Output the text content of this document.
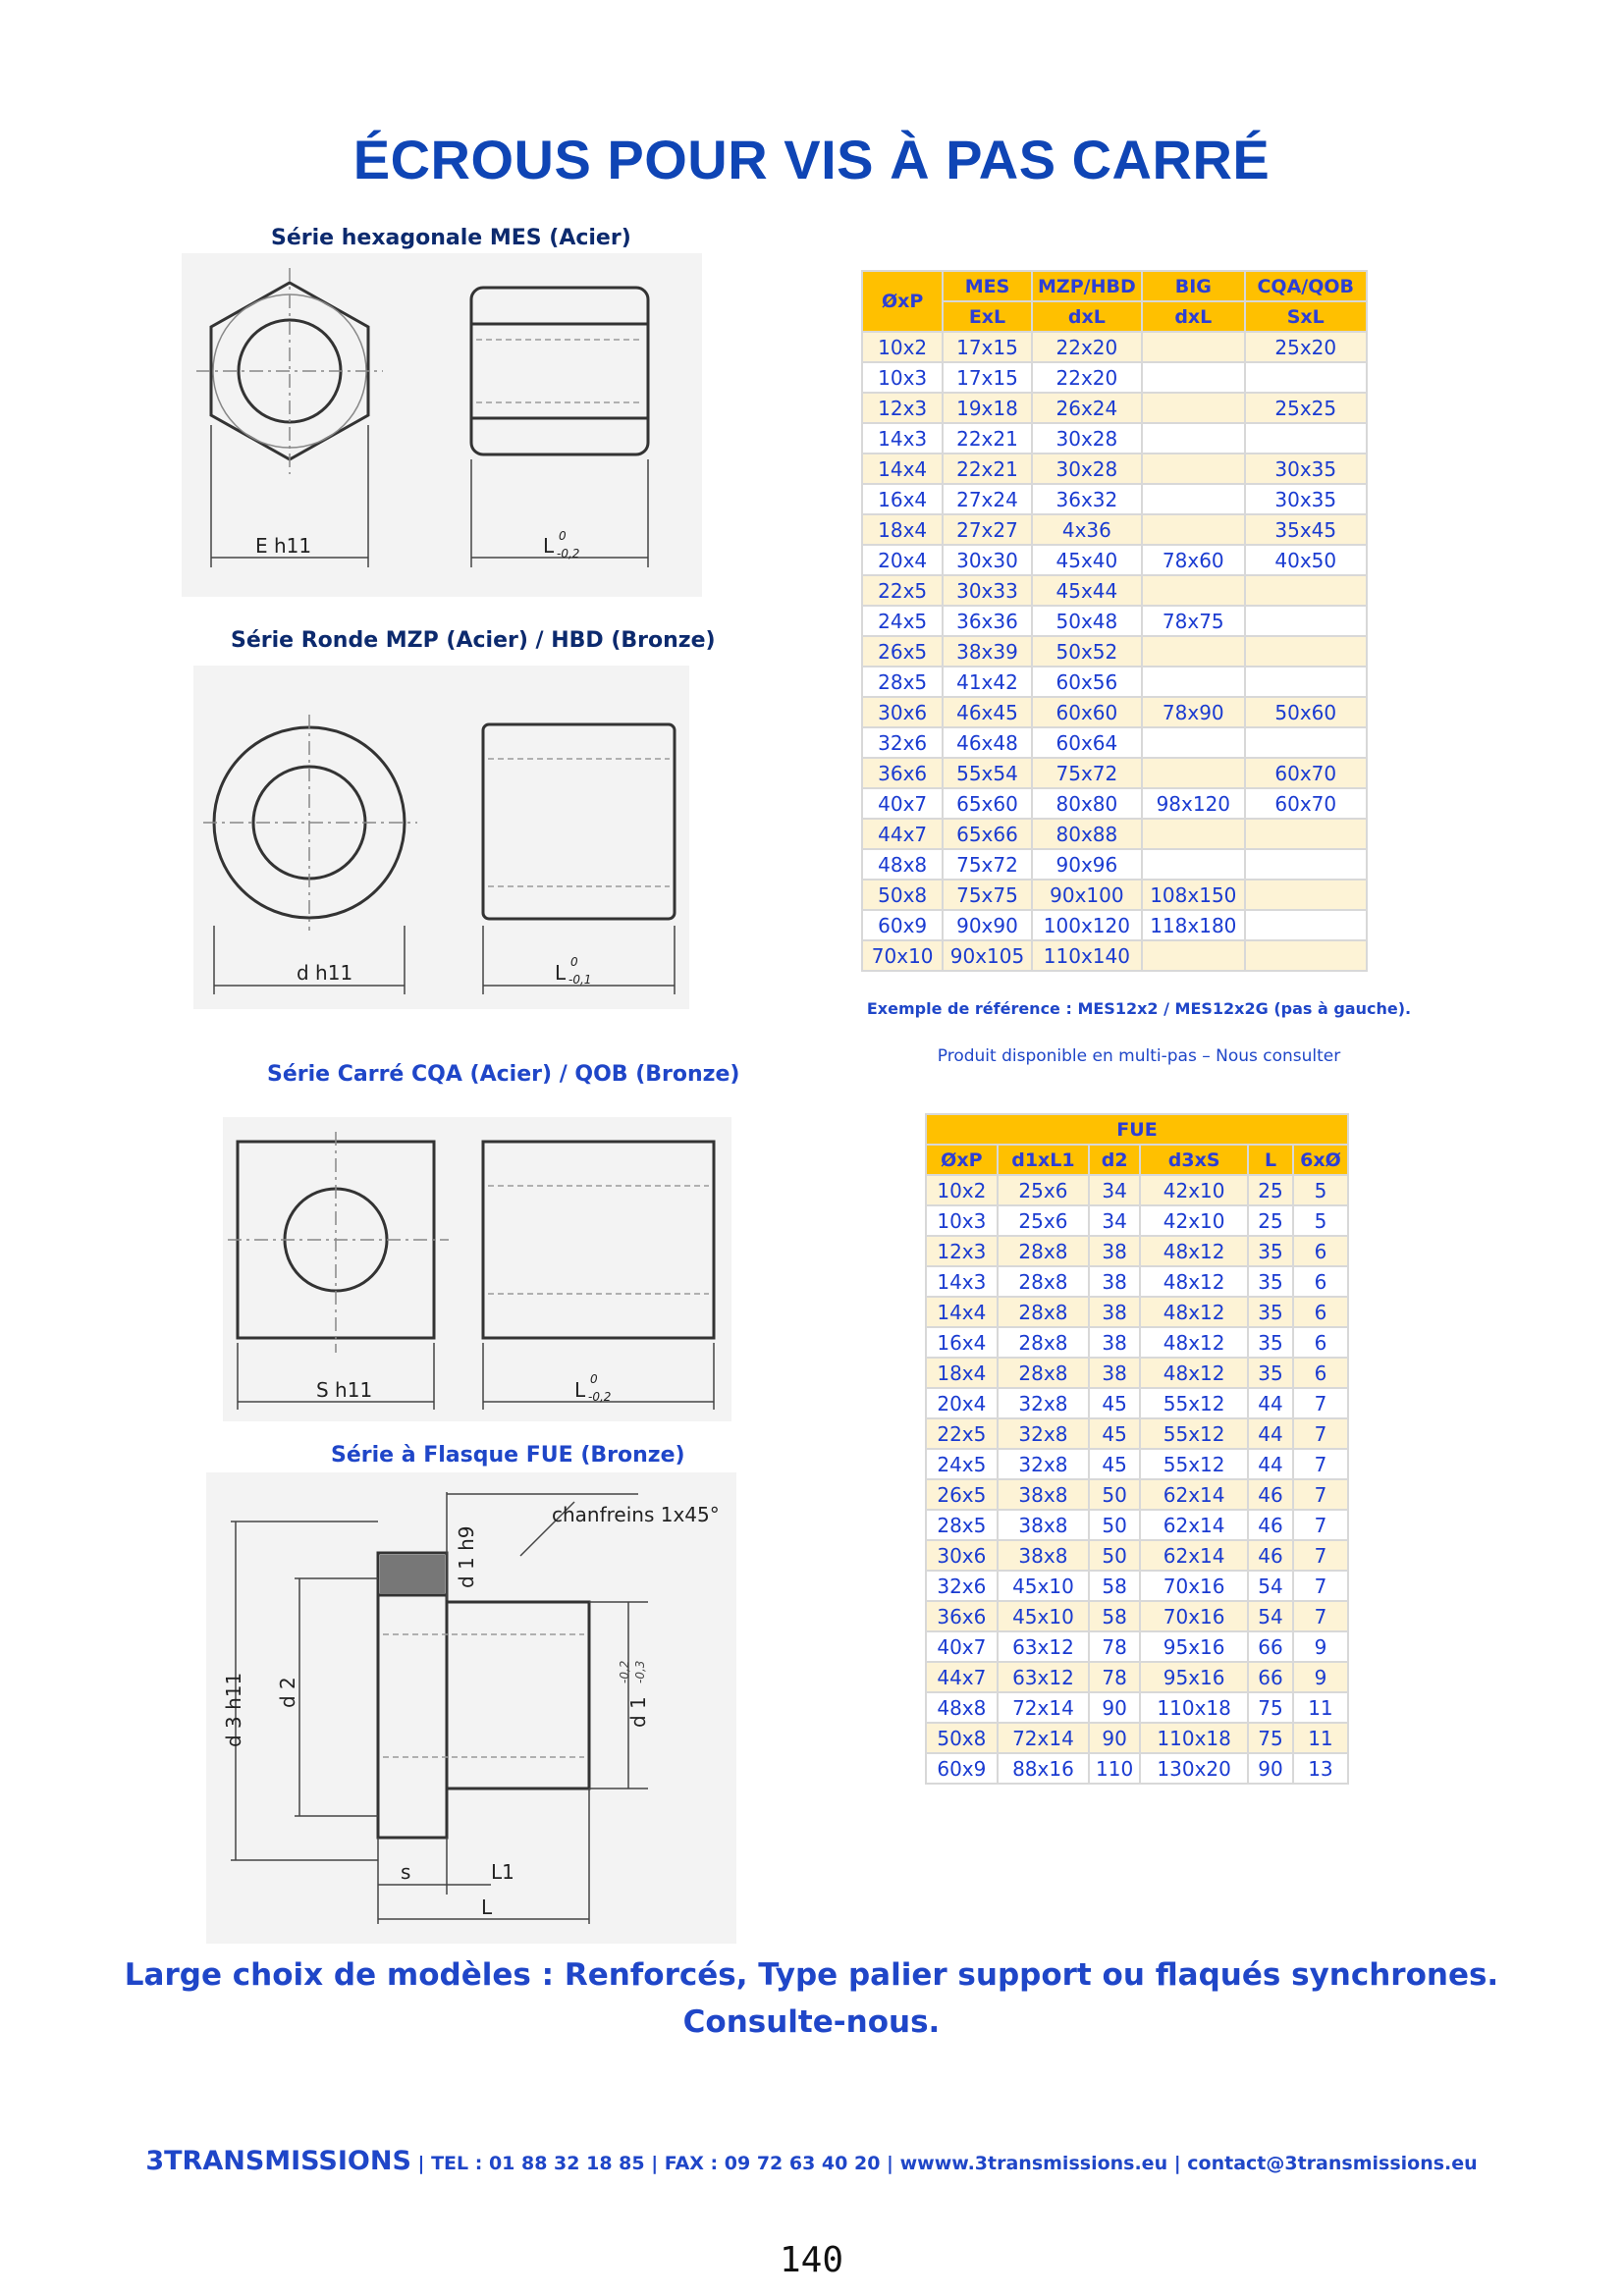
ÉCROUS POUR VIS À PAS CARRÉ
Série hexagonale MES (Acier)
Série Ronde MZP (Acier) / HBD (Bronze)
Série Carré CQA (Acier) / QOB (Bronze)
Série à Flasque FUE (Bronze)
E h11	L 0
-0,2
d h11	L 0
-0,1
S h11	L 0
-0,2
chanfreins 1x45°
d 1 h9
d 3 h11 d 2
d 1
-0,2 -0,3
s	L1
L
ØxP	MES	MZP/HBD	BIG	CQA/QOB
	ExL	dxL	dxL	SxL
10x2	17x15	22x20		25x20
10x3	17x15	22x20		
12x3	19x18	26x24		25x25
14x3	22x21	30x28		
14x4	22x21	30x28		30x35
16x4	27x24	36x32		30x35
18x4	27x27	4x36		35x45
20x4	30x30	45x40	78x60	40x50
22x5	30x33	45x44		
24x5	36x36	50x48	78x75	
26x5	38x39	50x52		
28x5	41x42	60x56		
30x6	46x45	60x60	78x90	50x60
32x6	46x48	60x64		
36x6	55x54	75x72		60x70
40x7	65x60	80x80	98x120	60x70
44x7	65x66	80x88		
48x8	75x72	90x96		
50x8	75x75	90x100	108x150	
60x9	90x90	100x120	118x180	
70x10	90x105	110x140		
Exemple de référence : MES12x2 / MES12x2G (pas à gauche).
Produit disponible en multi-pas – Nous consulter
FUE					
ØxP	d1xL1	d2	d3xS	L	6xØ
10x2	25x6	34	42x10	25	5
10x3	25x6	34	42x10	25	5
12x3	28x8	38	48x12	35	6
14x3	28x8	38	48x12	35	6
14x4	28x8	38	48x12	35	6
16x4	28x8	38	48x12	35	6
18x4	28x8	38	48x12	35	6
20x4	32x8	45	55x12	44	7
22x5	32x8	45	55x12	44	7
24x5	32x8	45	55x12	44	7
26x5	38x8	50	62x14	46	7
28x5	38x8	50	62x14	46	7
30x6	38x8	50	62x14	46	7
32x6	45x10	58	70x16	54	7
36x6	45x10	58	70x16	54	7
40x7	63x12	78	95x16	66	9
44x7	63x12	78	95x16	66	9
48x8	72x14	90	110x18	75	11
50x8	72x14	90	110x18	75	11
60x9	88x16	110	130x20	90	13
Large choix de modèles : Renforcés, Type palier support ou flaqués synchrones.
Consulte-nous.
3TRANSMISSIONS | TEL : 01 88 32 18 85 | FAX : 09 72 63 40 20 | wwww.3transmissions.eu | contact@3transmissions.eu
140
